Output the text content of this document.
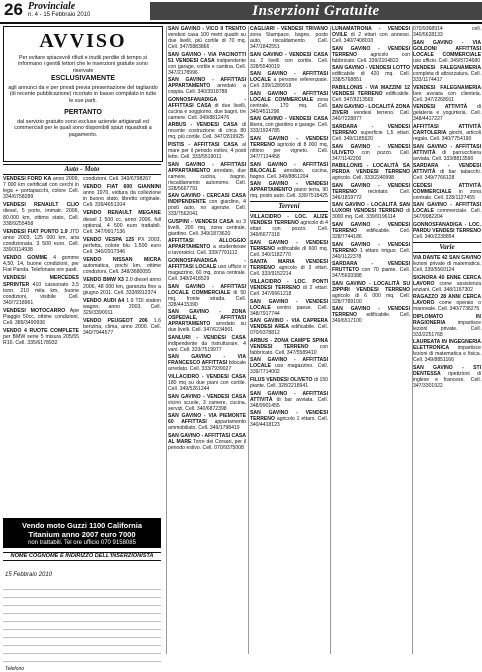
26 Provinciale
n. 4 - 15 Febbraio 2010	Inserzioni Gratuite
AVVISO
Per evitare spiacevoli rifiuti e inutili perdite di tempo si informano i gentili lettori che le inserzioni gratuite sono riservate
ESCLUSIVAMENTE
agli annunci da e per privati previa presentazione del tagliando (di recente pubblicazione) ricortato in basso compilato in tutte le sue parti.
PERTANTO
dal servizio gratuito sono escluse aziende artigianali ed commerciali per le quali sono disponibili spazi riquadrati a pagamento.
Auto - Moto

VENDESI FORD KA anno 2009, 7 000 km certificati con cerchi in lega + portapacchi, colore Cell. 334/6758289

VENDESI RENAULT CLIO diesel, 5 porte, immatr. 2006, 80.000 km, ottimo stato, Cell. 338/9255458

VENDESI FIAT PUNTO 1.9 JTD anno 2003, 125 000 km, aria condizionata. 3 500 euro. Cell. 339/3114938

VENDO GOMME 4 gomme 4,50, 14, buone condizioni, per Fiat Panda. Telefonare ore pasti.

VENDESI MERCEDES SPRINTER 410 cassonato 3,5 tonn. 210 mila km, buone condizioni, visibile Cell. 340/7218961

VENDESI MOTOCARRO Ape Piaggio 50cc, ottime condizioni, Cell. 389/3490936

VENDO 4 RUOTE COMPLETE per BMW serie 5 misura 205/55 R16. Cell. 335/6178932

condizioni. Cell. 349/6798267

VENDO FIAT 600 GIANNINI anno 1970, vettura da collezione in buono stato, libretto originale. Cell. 339/4651204

VENDO RENAULT MEGANE diesel 1 500 cc, anno 2006, full optional, 4 500 euro trattabili. Cell. 347/9917136

VENDO VESPA 125 PX 2003, perfetta, colore blu. 1.500 euro Cell. 340/2917346

VENDO NISSAN MICRA automatica, pochi km, ottime condizioni, Cell. 348/3680055

VENDO BMW X3 2.0 diesel anno 2006, 48 000 km, garanzia fino a giugno 2011. Cell. 333/8912374

VENDO AUDI A4 1.9 TDI station wagon, anno 2003, Cell. 329/3390011

VENDO PEUGEOT 206 1.6 benzina, clima, anno 2000. Cell. 340/7944577

Vendo moto Guzzi 1100 California
Titanium anno 2007 euro 7000
non trattabili. Tel ore ufficio 070 9158085
NOME COGNOME E INDIRIZZO DELL'INSERZIONISTA
15 Febbraio 2010
Telefono

SAN GAVINO - VICO II TRENTO vendesi casa 100 metri quadri su due livelli, più cortile di 70 mq. Cell. 347/5883866

SAN GAVINO - VIA PACINOTTI 51 VENDESI CASA indipendente con garage, cortile e cantina. Cell. 347/2178996

SAN GAVINO - AFFITTASI APPARTAMENTO arredato a coppia. Cell. 340/3918788

GONNOSFANADIGA - AFFITTASI CASA di due livelli, cucina e soggiorno, due bagni, tre camere. Cell. 349/8812476

ARBUS - VENDESI CASA di recente costruzione di circa 80 mq, più cortile. Cell. 347/2819925

PISTIS - AFFITTASI CASA al mare per il periodo estivo, 4 posti letto. Cell. 333/5519011

SAN GAVINO - AFFITTASI APPARTAMENTO arredato, due camere, cucina, bagno, riscaldamento autonomo. Cell. 328/5667791

SAN GAVINO - CERCASI CASA INDIPENDENTE con giardino, 4 posti auto, no agenzie. Cell. 333/7562041

GUSPINI - VENDESI CASA su 3 livelli, 200 mq, zona centrale, giardino. Cell. 349/1873620

AFFITTASI ALLOGGIO APPARTAMENTO a studentesse o lavoratrici. Cell. 339/7791112

GONNOSFANADIGA - AFFITTASI LOCALE uso ufficio o magazzino, 60 mq, zona centrale. Cell. 348/2418529

SAN GAVINO - AFFITTASI LOCALE COMMERCIALE di 50 mq, fronte strada. Cell. 328/4415390

SAN GAVINO - ZONA OSPEDALE, AFFITTASI APPARTAMENTO arredato su due livelli. Cell. 347/6234901

SANLURI - VENDESI CASA indipendente da ristrutturare, 4 vani. Cell. 333/7519977

SAN GAVINO - VIA FRANCESCO AFFITTASI bilocale arredato. Cell. 333/7939027

VILLACIDRO - VENDESI CASA 180 mq su due piani con cortile. Cell. 349/5261244

SAN GAVINO - VENDESI CASA vicino scuole, 3 camere, cucina, servizi. Cell. 340/6872398

SAN GAVINO - VIA PIEMONTE 60 AFFITTASI appartamento ammobiliato. Cell. 349/1798419

SAN GAVINO - AFFITTASI CASA AL MARE Torre dei Corsari, per il periodo estivo. Cell. 070/9375008

CAGLIARI - VENDESI TRIVANO zona Stampace, bagno, posto auto, riscaldamento. Cell. 347/1842551

SAN GAVINO - VENDESI CASA su 2 livelli con cortile. Cell. 328/5540019

SAN GAVINO - AFFITTASI LOCALE a persone referenziate. Cell. 339/1289918

SAN GAVINO - AFFITTASI LOCALE COMMERCIALE zona centrale, 170 mq. Cell. 340/4511296

SAN GAVINO - VENDESI CASA libera, con giardino e garage. Cell. 333/1924785

SAN GAVINO - VENDESI TERRENO agricolo di 8 000 mq, ottimo per vigneto. Cell. 347/7124458

SAN GAVINO - AFFITTASI BILOCALE arredato, cucina, bagno. Cell. 349/8861204

SAN GAVINO - VENDESI APPARTAMENTO piano terra, 90 mq, posto auto. Cell. 339/7518425

Terreni

VILLACIDRO - LOC. ALIZE VENDESI TERRENO agricolo di 4 ettari con pozzo. Cell. 349/6677318

SAN GAVINO - VENDESI TERRENO edificabile di 600 mq. Cell. 340/1182770

SANTA MARIA VENDESI TERRENO agricolo di 3 ettari. Cell. 333/9152214

VILLACIDRO - LOC. PONTI VENDESI TERRENO di 2 ettari. Cell. 347/6661218

SAN GAVINO - VENDESI LOCALE centro paese. Cell. 348/7917744

SAN GAVINO - VIA CAPRERA VENDESI AREA edificabile. Cell. 070/9378812

ARBUS - ZONA CAMP'E SPINA VENDESI TERRENO con fabbricato. Cell. 347/5589410

SAN GAVINO - AFFITTASI LOCALE uso magazzino. Cell. 339/7714002

FILUS VENDESI OLIVETO di 150 piante. Cell. 328/2218941

SAN GAVINO - AFFITTASI ATTIVITÀ di bar avviata. Cell. 348/9901455

SAN GAVINO - VENDESI TERRENO agricolo 1 ettaro. Cell. 340/4418123

LUNAMATRONA - VENDESI OVILE di 2 ettari con annessi. Cell. 340/7408010

SAN GAVINO - VENDESI TERRENO	agricolo con fabbricato. Cell. 339/2104822

SAN GAVINO - VENDESI LOTTO edificabile di 420 mq. Cell. 338/5768851

PABILLONIS - VIA MAZZINI 12 VENDESI TERRENO edificabile. Cell. 347/9213565

SAN GAVINO - LOCALITÀ ZONA ZIVERI vendesi terreno. Cell. 340/7228877

SARDARA - VENDESI TERRENO superficie 1,5 ettari. Cell. 349/1185620

SAN GAVINO - VENDESI ULIVETO con pozzo. Cell. 347/1142200

PABILLONIS - LOCALITÀ SA PERDA VENDESI TERRENO agricolo. Cell. 333/2240998

SAN GAVINO - VENDESI TERRENO recintato. Cell. 346/1819772

SAN GAVINO - LOCALITÀ SAN LUXORI VENDESI TERRENO di 3000 mq. Cell. 339/9196114

SAN GAVINO - VENDESI TERRENO edificabile. Cell. 328/7744186

SAN GAVINO - VENDESI TERRENO 1 ettaro irriguo. Cell. 340/1122378

SARDARA - VENDESI FRUTTETO con 70 piante. Cell. 347/5693388

SAN GAVINO - LOCALITÀ SU ZIPPIRI VENDESI TERRENO agricolo di 6 000 mq. Cell. 328/7789100

SAN GAVINO - VENDESI TERRENO edificabile. Cell. 349/6517100

070/9368914 cell. 340/5628133

SAN GAVINO - VIA GOLDONI AFFITTASI LOCALE COMMERCIALE uso ufficio. Cell. 349/5724680

VENDESI FALEGNAMERIA completa di attrezzatura. Cell. 333/1174417

VENDESI FALEGNAMERIA ben avviata con clientela. Cell. 347/2268911

VENDESI ATTIVITÀ di gelateria e yogurteria. Cell. 348/4417227

AFFITTASI ATTIVITÀ CARTOLERIA giochi, articoli regalo. Cell. 340/7754190

SAN GAVINO - AFFITTASI ATTIVITÀ di parrucchiera avviata. Cell. 333/8813590

SARDARA - VENDESI ATTIVITÀ di bar tabacchi. Cell. 349/7766128

CEDESI ATTIVITÀ COMMERCIALE in zona centrale. Cell. 328/1127455

SAN GAVINO - AFFITTASI LOCALE commerciale. Cell. 347/9982204

GONNOSFANADIGA - LOC. PARDU VENDESI TERRENO Cell. 340/2238854

Varie

VIA DANTE 42 SAN GAVINO lezioni private di matematica. Cell. 339/5560124

SIGNORA 40 ENNE CERCA LAVORO come assistenza anziani. Cell. 348/1167302

RAGAZZO 28 ANNI CERCA LAVORO come operaio o manovale. Cell. 340/7738275

DIPLOMATO IN RAGIONERIA impartisce lezioni private. Cell. 333/2251768

LAUREATA IN INGEGNERIA ELETTRONICA impartisce lezioni di matematica e fisica. Cell. 349/8851166

SAN GAVINO - STI DENTESSA ripetizioni di inglese e francese. Cell. 347/3301922
